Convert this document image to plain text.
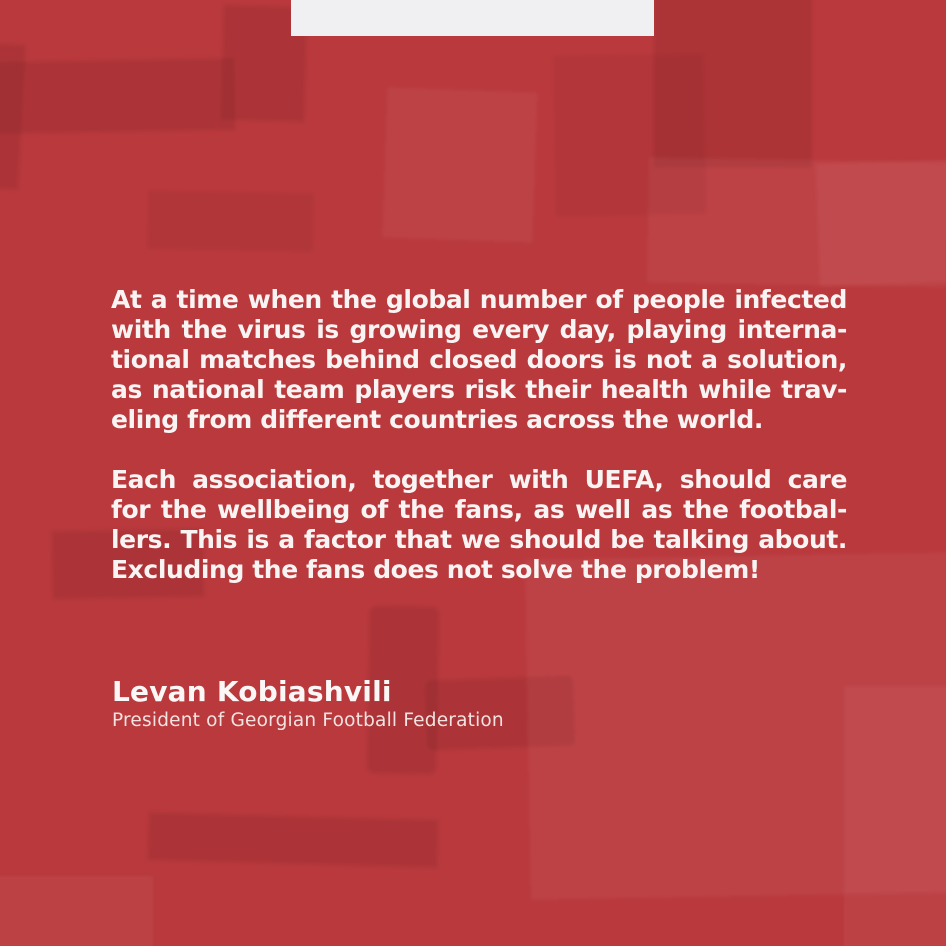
At a time when the global number of people infected
with the virus is growing every day, playing interna-
tional matches behind closed doors is not a solution,
as national team players risk their health while trav-
eling from different countries across the world.
Each association, together with UEFA, should care
for the wellbeing of the fans, as well as the footbal-
lers. This is a factor that we should be talking about.
Excluding the fans does not solve the problem!
Levan Kobiashvili
President of Georgian Football Federation
